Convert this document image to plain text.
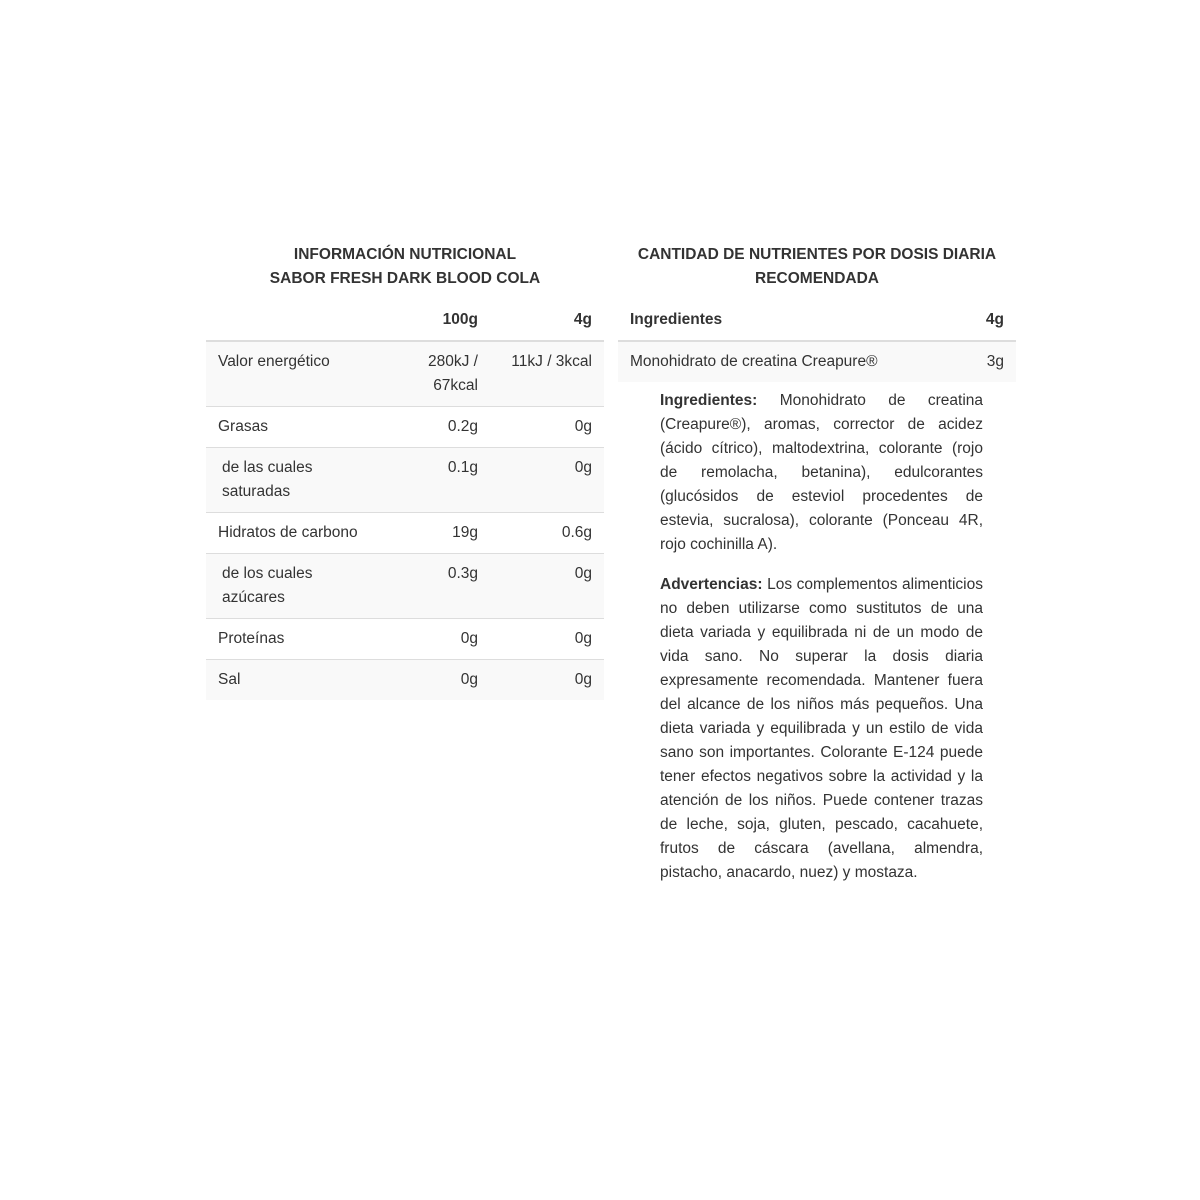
INFORMACIÓN NUTRICIONAL
SABOR FRESH DARK BLOOD COLA
CANTIDAD DE NUTRIENTES POR DOSIS DIARIA
RECOMENDADA
	100g	4g
Valor energético	280kJ / 67kcal	11kJ / 3kcal
Grasas	0.2g	0g
de las cuales saturadas	0.1g	0g
Hidratos de carbono	19g	0.6g
de los cuales azúcares	0.3g	0g
Proteínas	0g	0g
Sal	0g	0g
Ingredientes	4g
Monohidrato de creatina Creapure®	3g

Ingredientes: Monohidrato de creatina (Creapure®), aromas, corrector de acidez (ácido cítrico), maltodextrina, colorante (rojo de remolacha, betanina), edulcorantes (glucósidos de esteviol procedentes de estevia, sucralosa), colorante (Ponceau 4R, rojo cochinilla A).

Advertencias: Los complementos alimenticios no deben utilizarse como sustitutos de una dieta variada y equilibrada ni de un modo de vida sano. No superar la dosis diaria expresamente recomendada. Mantener fuera del alcance de los niños más pequeños. Una dieta variada y equilibrada y un estilo de vida sano son importantes. Colorante E-124 puede tener efectos negativos sobre la actividad y la atención de los niños. Puede contener trazas de leche, soja, gluten, pescado, cacahuete, frutos de cáscara (avellana, almendra, pistacho, anacardo, nuez) y mostaza.
